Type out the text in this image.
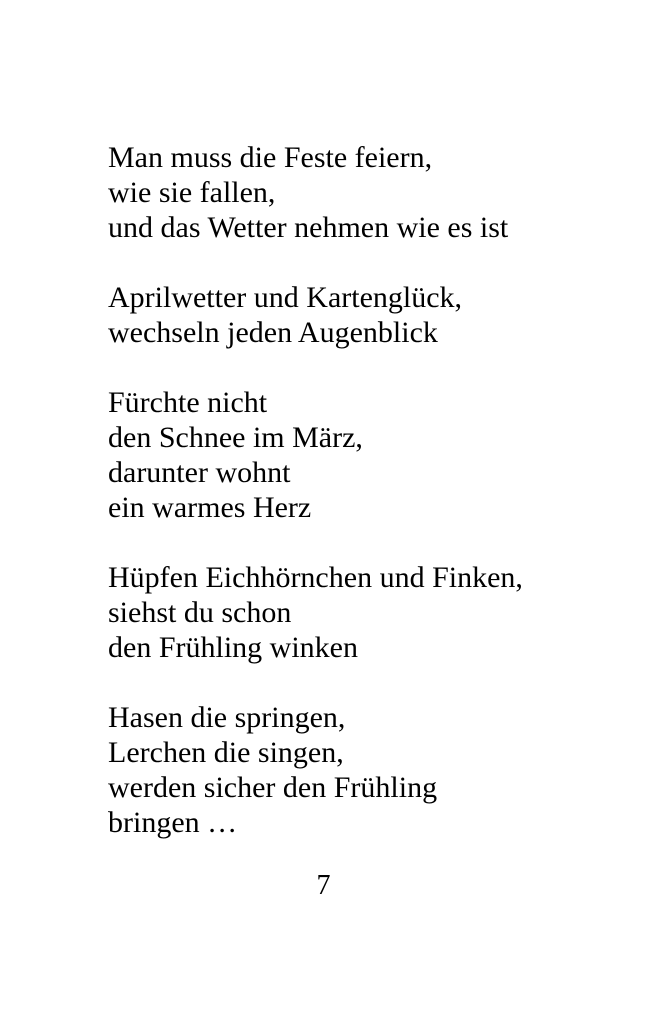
Man muss die Feste feiern,
wie sie fallen,
und das Wetter nehmen wie es ist
Aprilwetter und Kartenglück,
wechseln jeden Augenblick
Fürchte nicht
den Schnee im März,
darunter wohnt
ein warmes Herz
Hüpfen Eichhörnchen und Finken,
siehst du schon
den Frühling winken
Hasen die springen,
Lerchen die singen,
werden sicher den Frühling
bringen …
7
